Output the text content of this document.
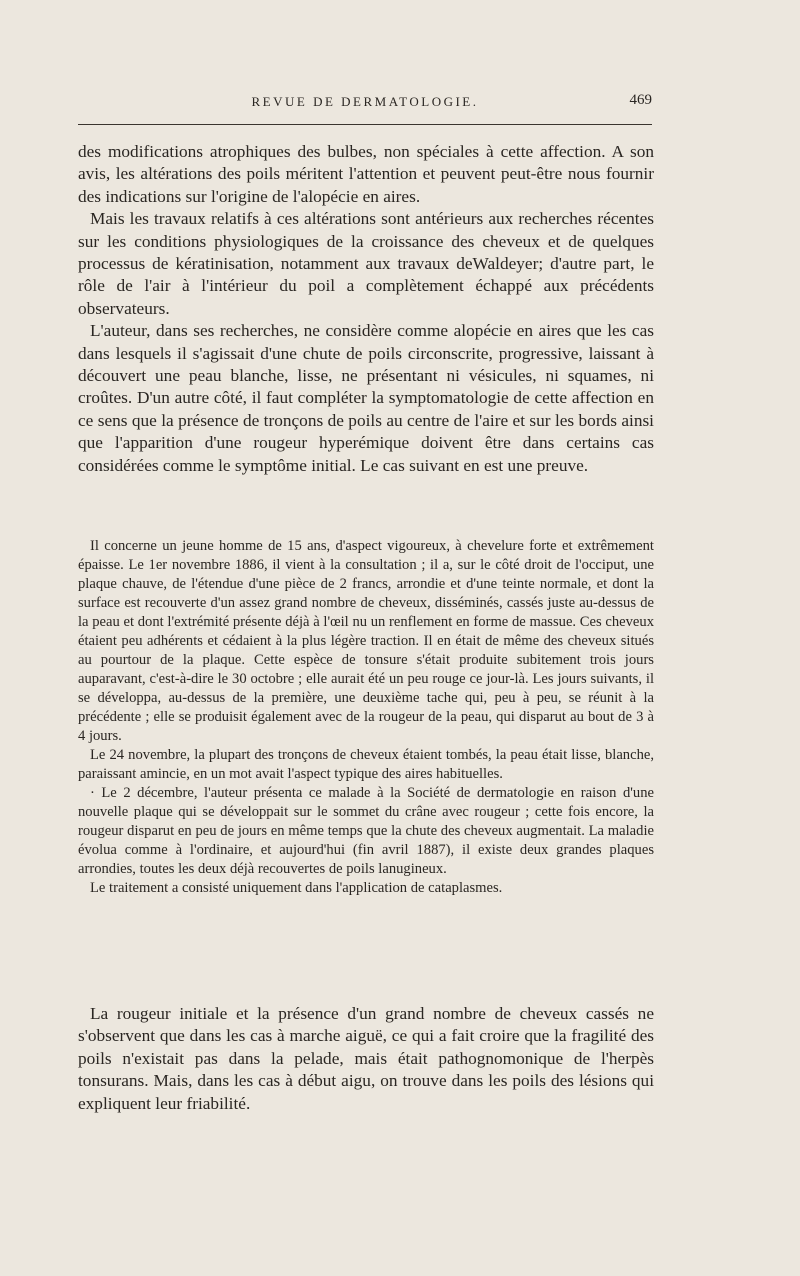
REVUE DE DERMATOLOGIE.	469

des modifications atrophiques des bulbes, non spéciales à cette affection. A son avis, les altérations des poils méritent l'attention et peuvent peut-être nous fournir des indications sur l'origine de l'alopécie en aires.

Mais les travaux relatifs à ces altérations sont antérieurs aux recherches récentes sur les conditions physiologiques de la croissance des cheveux et de quelques processus de kératinisation, notamment aux travaux deWaldeyer; d'autre part, le rôle de l'air à l'intérieur du poil a complètement échappé aux précédents observateurs.

L'auteur, dans ses recherches, ne considère comme alopécie en aires que les cas dans lesquels il s'agissait d'une chute de poils circonscrite, progressive, laissant à découvert une peau blanche, lisse, ne présentant ni vésicules, ni squames, ni croûtes. D'un autre côté, il faut compléter la symptomatologie de cette affection en ce sens que la présence de tronçons de poils au centre de l'aire et sur les bords ainsi que l'apparition d'une rougeur hyperémique doivent être dans certains cas considérées comme le symptôme initial. Le cas suivant en est une preuve.

Il concerne un jeune homme de 15 ans, d'aspect vigoureux, à chevelure forte et extrêmement épaisse. Le 1er novembre 1886, il vient à la consultation ; il a, sur le côté droit de l'occiput, une plaque chauve, de l'étendue d'une pièce de 2 francs, arrondie et d'une teinte normale, et dont la surface est recouverte d'un assez grand nombre de cheveux, disséminés, cassés juste au-dessus de la peau et dont l'extrémité présente déjà à l'œil nu un renflement en forme de massue. Ces cheveux étaient peu adhérents et cédaient à la plus légère traction. Il en était de même des cheveux situés au pourtour de la plaque. Cette espèce de tonsure s'était produite subitement trois jours auparavant, c'est-à-dire le 30 octobre ; elle aurait été un peu rouge ce jour-là. Les jours suivants, il se développa, au-dessus de la première, une deuxième tache qui, peu à peu, se réunit à la précédente ; elle se produisit également avec de la rougeur de la peau, qui disparut au bout de 3 à 4 jours.

Le 24 novembre, la plupart des tronçons de cheveux étaient tombés, la peau était lisse, blanche, paraissant amincie, en un mot avait l'aspect typique des aires habituelles.

· Le 2 décembre, l'auteur présenta ce malade à la Société de dermatologie en raison d'une nouvelle plaque qui se développait sur le sommet du crâne avec rougeur ; cette fois encore, la rougeur disparut en peu de jours en même temps que la chute des cheveux augmentait. La maladie évolua comme à l'ordinaire, et aujourd'hui (fin avril 1887), il existe deux grandes plaques arrondies, toutes les deux déjà recouvertes de poils lanugineux.

Le traitement a consisté uniquement dans l'application de cataplasmes.

La rougeur initiale et la présence d'un grand nombre de cheveux cassés ne s'observent que dans les cas à marche aiguë, ce qui a fait croire que la fragilité des poils n'existait pas dans la pelade, mais était pathognomonique de l'herpès tonsurans. Mais, dans les cas à début aigu, on trouve dans les poils des lésions qui expliquent leur friabilité.
